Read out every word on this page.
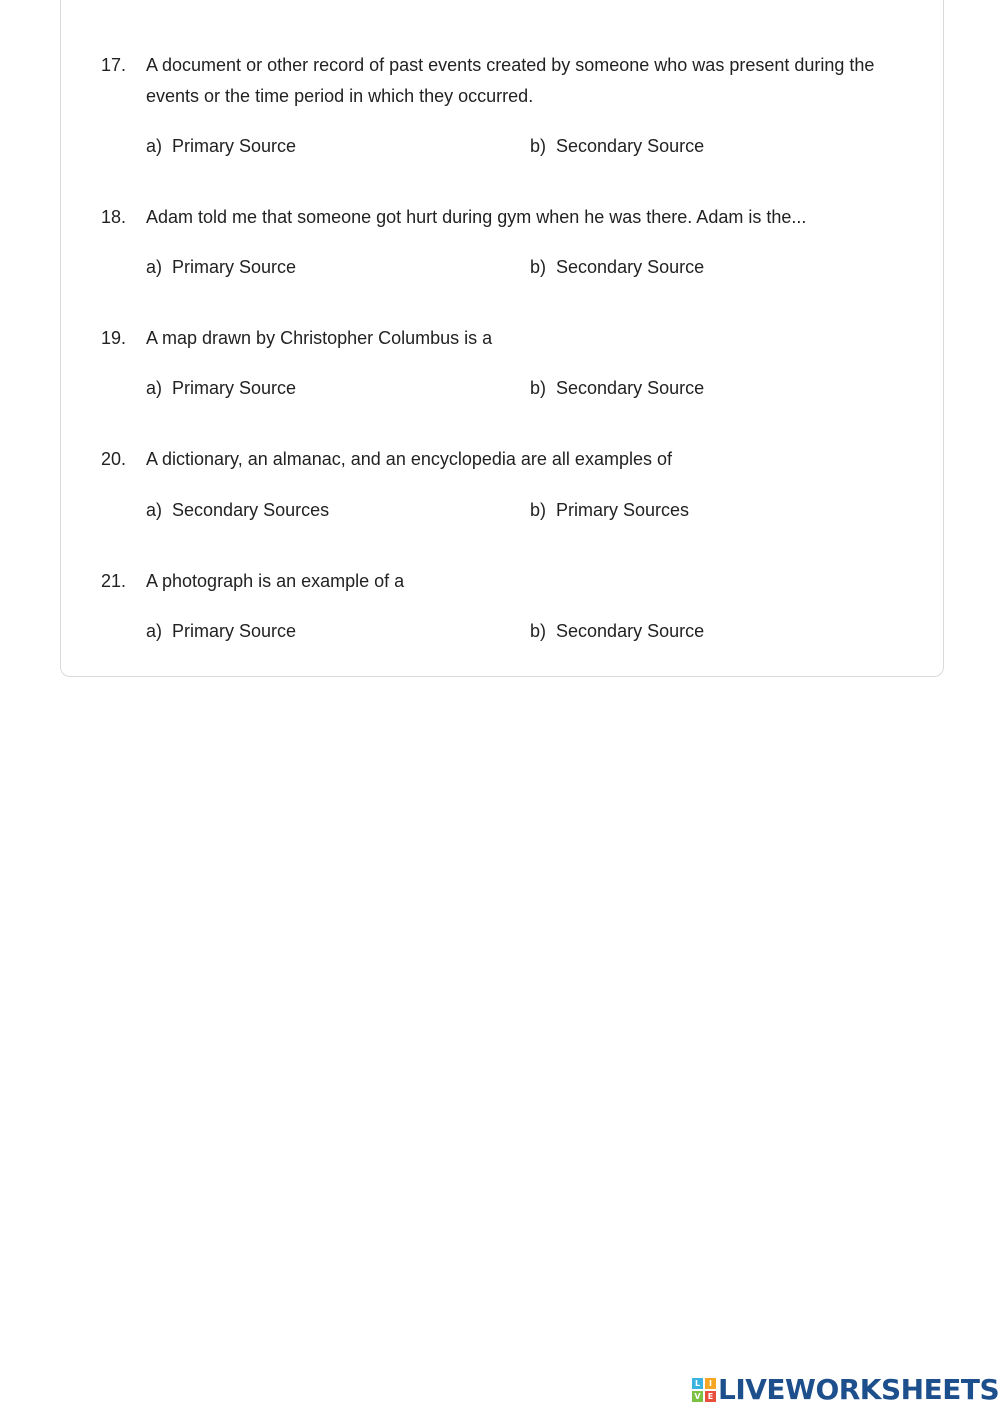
17. A document or other record of past events created by someone who was present during the events or the time period in which they occurred.
a) Primary Source	b) Secondary Source
18. Adam told me that someone got hurt during gym when he was there. Adam is the...
a) Primary Source	b) Secondary Source
19. A map drawn by Christopher Columbus is a
a) Primary Source	b) Secondary Source
20. A dictionary, an almanac, and an encyclopedia are all examples of
a) Secondary Sources	b) Primary Sources
21. A photograph is an example of a
a) Primary Source	b) Secondary Source
L	I
V E LIVEWORKSHEETS
